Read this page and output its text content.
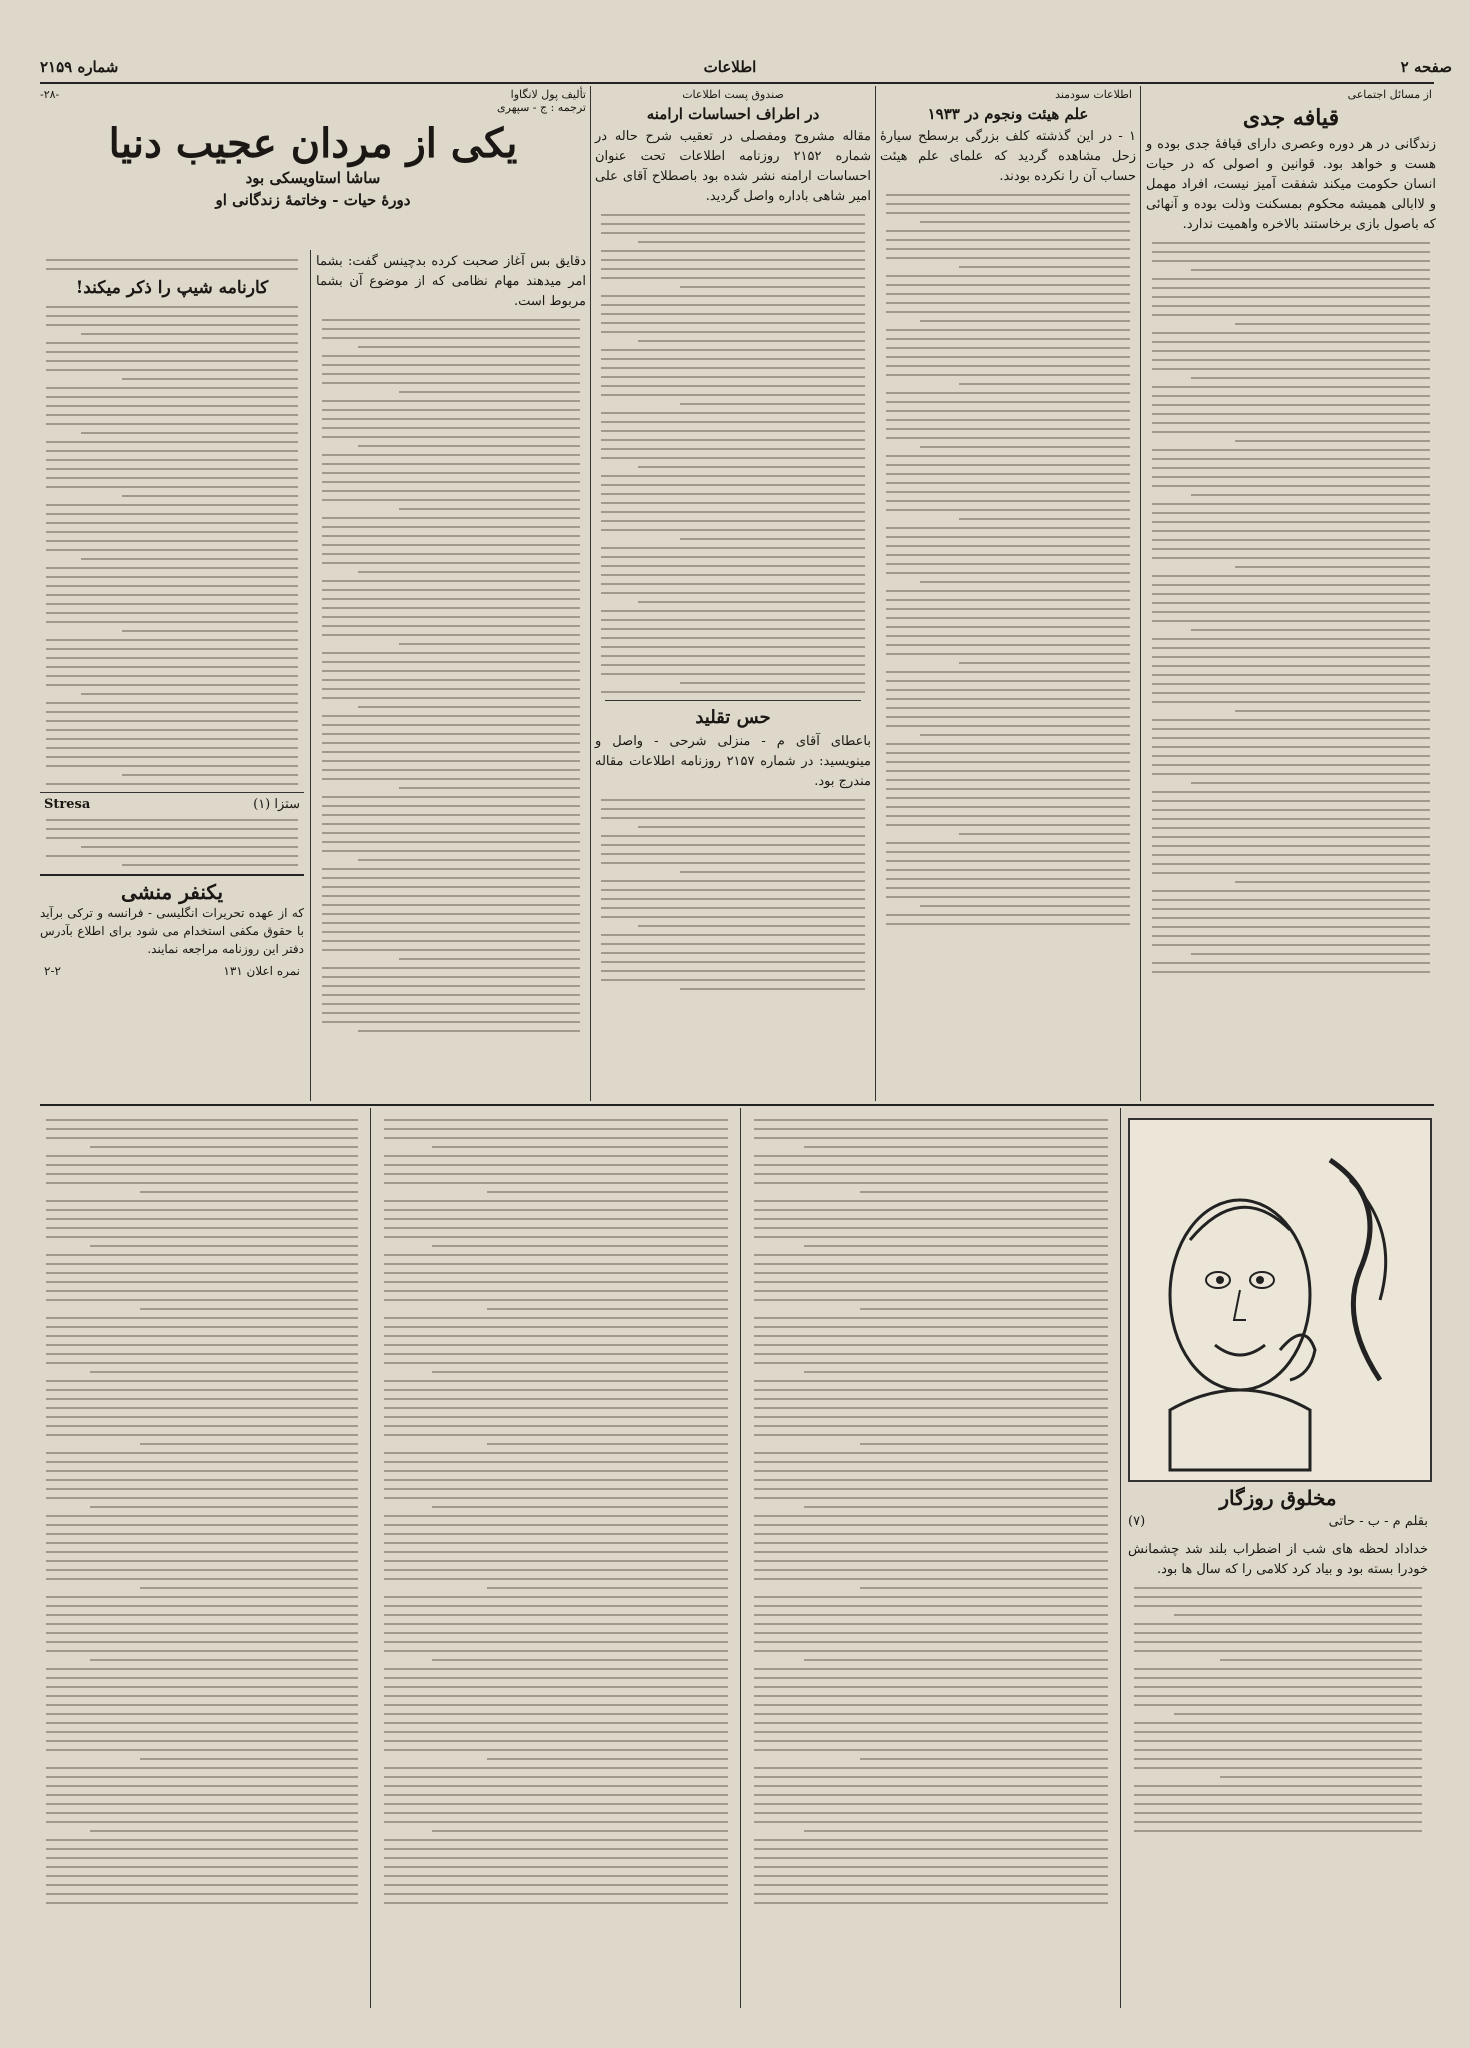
صفحه ۲
اطلاعات
شماره ۲۱۵۹
از مسائل اجتماعی
قیافه جدی

زندگانی در هر دوره وعصری دارای قیافهٔ جدی بوده و هست و خواهد بود. قوانین و اصولی که در حیات انسان حکومت میکند شفقت آمیز نیست، افراد مهمل و لاابالی همیشه محکوم بمسکنت وذلت بوده و آنهائی که باصول بازی برخاستند بالاخره واهمیت ندارد.

اطلاعات سودمند
علم هیئت ونجوم در ۱۹۳۳

۱ - در این گذشته کلف بزرگی برسطح سیارهٔ زحل مشاهده گردید که علمای علم هیئت حساب آن را نکرده بودند.

صندوق پست اطلاعات
در اطراف احساسات ارامنه

مقاله مشروح ومفصلی در تعقیب شرح حاله در شماره ۲۱۵۲ روزنامه اطلاعات تحت عنوان احساسات ارامنه نشر شده بود باصطلاح آقای علی امیر شاهی باداره واصل گردید.

حس تقلید

باعطای آقای م - منزلی شرحی - واصل و مینویسید: در شماره ۲۱۵۷ روزنامه اطلاعات مقاله مندرج بود.

تألیف پول لانگاوا
-۲۸-
ترجمه : ج - سپهری
یکی از مردان عجیب دنیا
ساشا استاویسکی بود
دورهٔ حیات - وخاتمهٔ زندگانی او

دقایق بس آغاز صحبت کرده بدچینس گفت: بشما امر میدهند مهام نظامی که از موضوع آن بشما مربوط است.

کارنامه شیپ را ذکر میکند!
Stresa	(۱) ستزا
یکنفر منشی

که از عهده تحریرات انگلیسی - فرانسه و ترکی برآید با حقوق مکفی استخدام می شود برای اطلاع بآدرس دفتر این روزنامه مراجعه نمایند.

نمره اعلان ۱۳۱
۲-۲
مخلوق روزگار
بقلم م - ب - حاتی
(۷)

خداداد لحظه های شب از اضطراب بلند شد چشمانش خودرا بسته بود و بیاد کرد کلامی را که سال ها بود.
